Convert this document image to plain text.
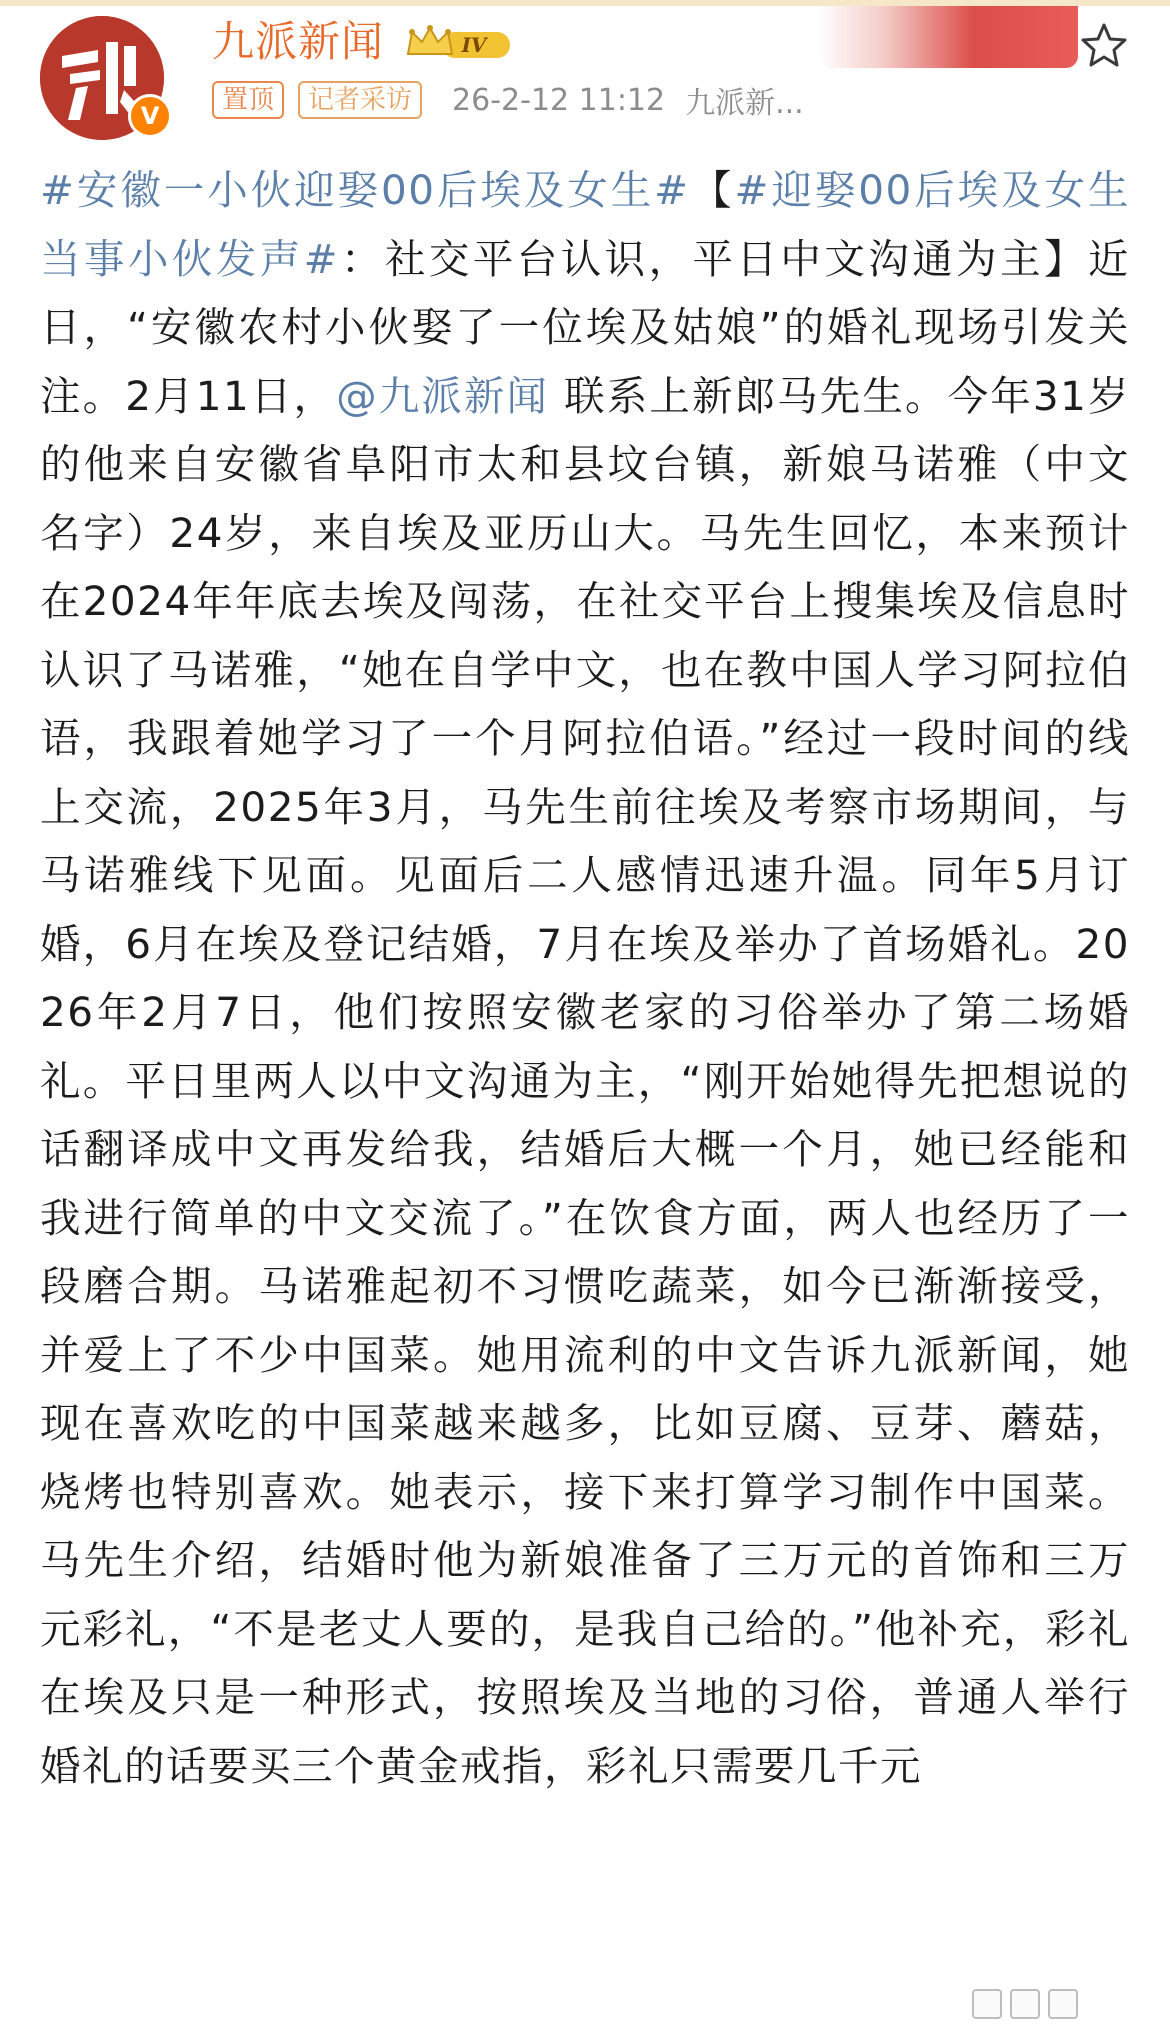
V
九派新闻	IV
置顶	记者采访	26-2-12 11:12 九派新...
#安徽一小伙迎娶00后埃及女生#【#迎娶00后埃及女生当事小伙发声#：社交平台认识，平日中文沟通为主】近日，“安徽农村小伙娶了一位埃及姑娘”的婚礼现场引发关注。2月11日，@九派新闻 联系上新郎马先生。今年31岁的他来自安徽省阜阳市太和县坟台镇，新娘马诺雅（中文名字）24岁，来自埃及亚历山大。马先生回忆，本来预计在2024年年底去埃及闯荡，在社交平台上搜集埃及信息时认识了马诺雅，“她在自学中文，也在教中国人学习阿拉伯语，我跟着她学习了一个月阿拉伯语。”经过一段时间的线上交流，2025年3月，马先生前往埃及考察市场期间，与马诺雅线下见面。见面后二人感情迅速升温。同年5月订婚，6月在埃及登记结婚，7月在埃及举办了首场婚礼。2026年2月7日，他们按照安徽老家的习俗举办了第二场婚礼。平日里两人以中文沟通为主，“刚开始她得先把想说的话翻译成中文再发给我，结婚后大概一个月，她已经能和我进行简单的中文交流了。”在饮食方面，两人也经历了一段磨合期。马诺雅起初不习惯吃蔬菜，如今已渐渐接受，并爱上了不少中国菜。她用流利的中文告诉九派新闻，她现在喜欢吃的中国菜越来越多，比如豆腐、豆芽、蘑菇，烧烤也特别喜欢。她表示，接下来打算学习制作中国菜。马先生介绍，结婚时他为新娘准备了三万元的首饰和三万元彩礼，“不是老丈人要的，是我自己给的。”他补充，彩礼在埃及只是一种形式，按照埃及当地的习俗，普通人举行婚礼的话要买三个黄金戒指，彩礼只需要几千元
